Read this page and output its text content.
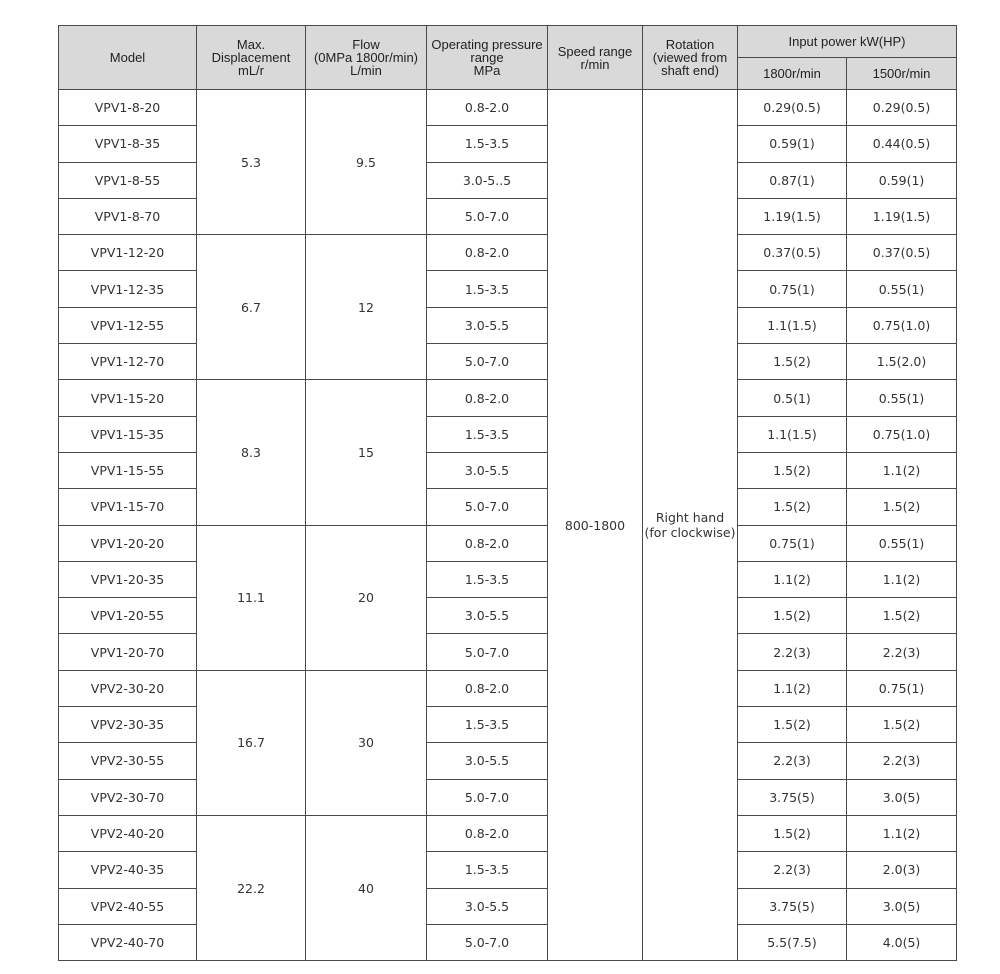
Model	Max.
Displacement
mL/r	Flow
(0MPa 1800r/min)
L/min	Operating pressure
range
MPa	Speed range
r/min	Rotation
(viewed from
shaft end)	Input power kW(HP)	
						1800r/min	1500r/min
VPV1-8-20	5.3	9.5	0.8-2.0	800-1800	Right hand
(for clockwise)	0.29(0.5)	0.29(0.5)
VPV1-8-35			1.5-3.5			0.59(1)	0.44(0.5)
VPV1-8-55			3.0-5..5			0.87(1)	0.59(1)
VPV1-8-70			5.0-7.0			1.19(1.5)	1.19(1.5)
VPV1-12-20	6.7	12	0.8-2.0			0.37(0.5)	0.37(0.5)
VPV1-12-35			1.5-3.5			0.75(1)	0.55(1)
VPV1-12-55			3.0-5.5			1.1(1.5)	0.75(1.0)
VPV1-12-70			5.0-7.0			1.5(2)	1.5(2.0)
VPV1-15-20	8.3	15	0.8-2.0			0.5(1)	0.55(1)
VPV1-15-35			1.5-3.5			1.1(1.5)	0.75(1.0)
VPV1-15-55			3.0-5.5			1.5(2)	1.1(2)
VPV1-15-70			5.0-7.0			1.5(2)	1.5(2)
VPV1-20-20	11.1	20	0.8-2.0			0.75(1)	0.55(1)
VPV1-20-35			1.5-3.5			1.1(2)	1.1(2)
VPV1-20-55			3.0-5.5			1.5(2)	1.5(2)
VPV1-20-70			5.0-7.0			2.2(3)	2.2(3)
VPV2-30-20	16.7	30	0.8-2.0			1.1(2)	0.75(1)
VPV2-30-35			1.5-3.5			1.5(2)	1.5(2)
VPV2-30-55			3.0-5.5			2.2(3)	2.2(3)
VPV2-30-70			5.0-7.0			3.75(5)	3.0(5)
VPV2-40-20	22.2	40	0.8-2.0			1.5(2)	1.1(2)
VPV2-40-35			1.5-3.5			2.2(3)	2.0(3)
VPV2-40-55			3.0-5.5			3.75(5)	3.0(5)
VPV2-40-70			5.0-7.0			5.5(7.5)	4.0(5)
